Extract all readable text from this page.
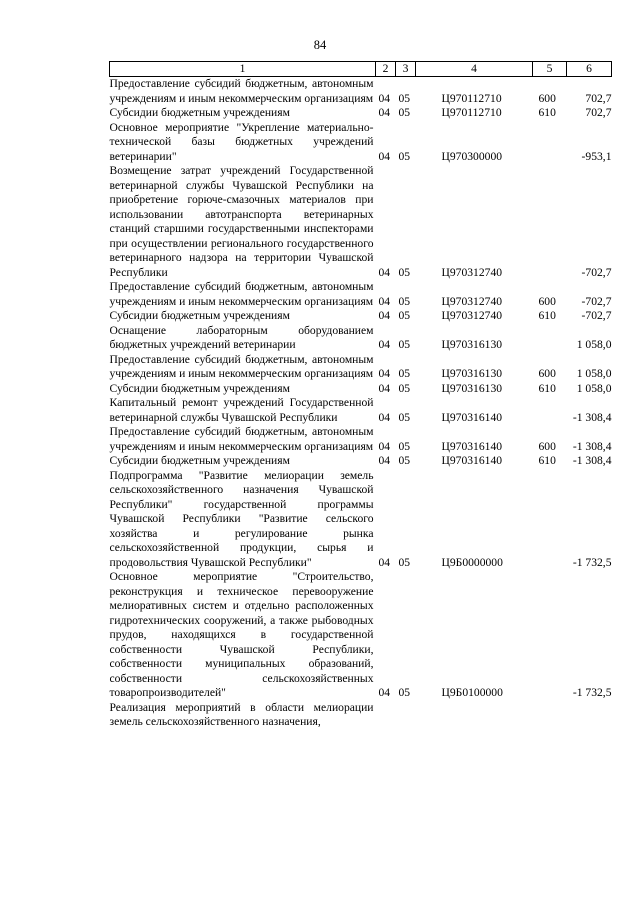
84
1	2	3	4	5	6
Предоставление субсидий бюджетным, автономным учреждениям и иным некоммерческим организациям	04	05	Ц970112710	600	702,7
Субсидии бюджетным учреждениям	04	05	Ц970112710	610	702,7
Основное мероприятие "Укрепление материально-технической базы бюджетных учреждений ветеринарии"	04	05	Ц970300000		-953,1
Возмещение затрат учреждений Государственной ветеринарной службы Чувашской Республики на приобретение горюче-смазочных материалов при использовании автотранспорта ветеринарных станций старшими государственными инспекторами при осуществлении регионального государственного ветеринарного надзора на территории Чувашской Республики	04	05	Ц970312740		-702,7
Предоставление субсидий бюджетным, автономным учреждениям и иным некоммерческим организациям	04	05	Ц970312740	600	-702,7
Субсидии бюджетным учреждениям	04	05	Ц970312740	610	-702,7
Оснащение лабораторным оборудованием бюджетных учреждений ветеринарии	04	05	Ц970316130		1 058,0
Предоставление субсидий бюджетным, автономным учреждениям и иным некоммерческим организациям	04	05	Ц970316130	600	1 058,0
Субсидии бюджетным учреждениям	04	05	Ц970316130	610	1 058,0
Капитальный ремонт учреждений Государственной ветеринарной службы Чувашской Республики	04	05	Ц970316140		-1 308,4
Предоставление субсидий бюджетным, автономным учреждениям и иным некоммерческим организациям	04	05	Ц970316140	600	-1 308,4
Субсидии бюджетным учреждениям	04	05	Ц970316140	610	-1 308,4
Подпрограмма "Развитие мелиорации земель сельскохозяйственного назначения Чувашской Республики" государственной программы Чувашской Республики "Развитие сельского хозяйства и регулирование рынка сельскохозяйственной продукции, сырья и продовольствия Чувашской Республики"	04	05	Ц9Б0000000		-1 732,5
Основное мероприятие "Строительство, реконструкция и техническое перевооружение мелиоративных систем и отдельно расположенных гидротехнических сооружений, а также рыбоводных прудов, находящихся в государственной собственности Чувашской Республики, собственности муниципальных образований, собственности сельскохозяйственных товаропроизводителей"	04	05	Ц9Б0100000		-1 732,5
Реализация мероприятий в области мелиорации земель сельскохозяйственного назначения,					
